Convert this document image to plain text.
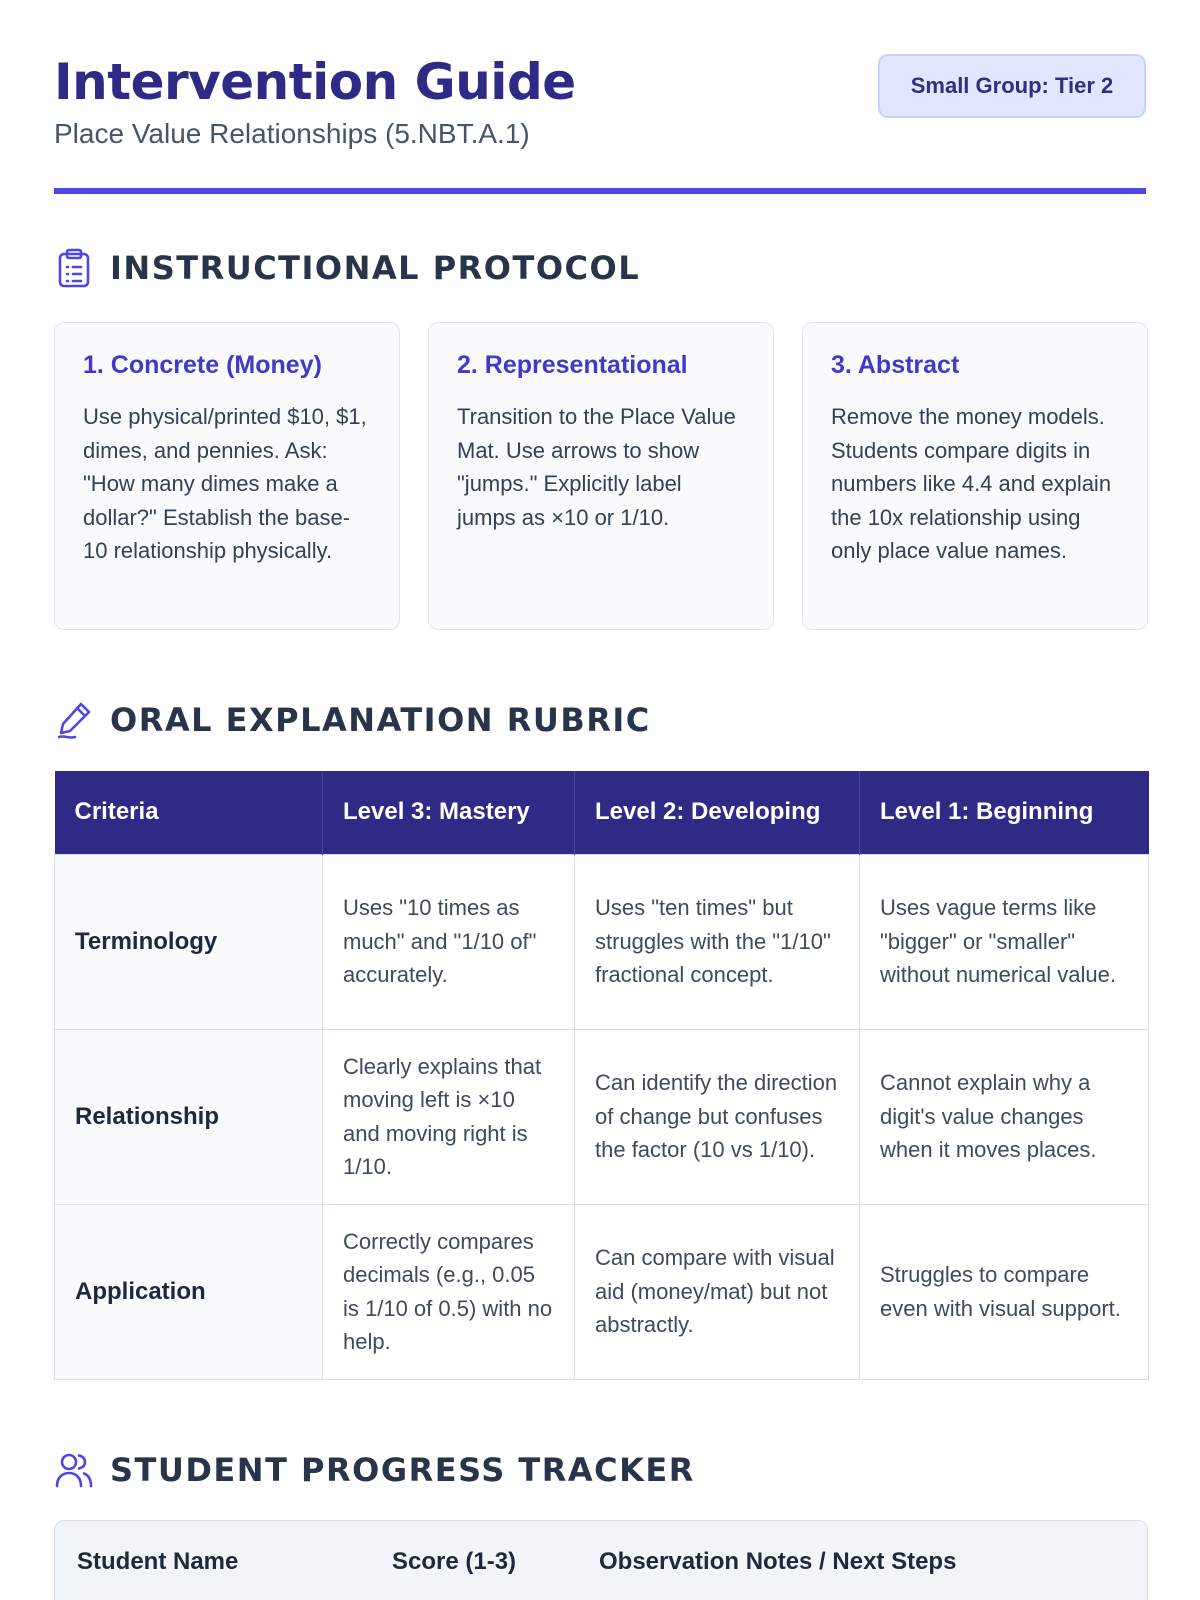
Intervention Guide
Place Value Relationships (5.NBT.A.1)
Small Group: Tier 2
INSTRUCTIONAL PROTOCOL
1. Concrete (Money)
Use physical/printed $10, $1, dimes, and pennies. Ask: "How many dimes make a dollar?" Establish the base-10 relationship physically.
2. Representational
Transition to the Place Value Mat. Use arrows to show "jumps." Explicitly label jumps as ×10 or 1/10.
3. Abstract
Remove the money models. Students compare digits in numbers like 4.4 and explain the 10x relationship using only place value names.
ORAL EXPLANATION RUBRIC
Criteria	Level 3: Mastery	Level 2: Developing	Level 1: Beginning
Terminology	Uses "10 times as much" and "1/10 of" accurately.	Uses "ten times" but struggles with the "1/10" fractional concept.	Uses vague terms like "bigger" or "smaller" without numerical value.
Relationship	Clearly explains that moving left is ×10 and moving right is 1/10.	Can identify the direction of change but confuses the factor (10 vs 1/10).	Cannot explain why a digit's value changes when it moves places.
Application	Correctly compares decimals (e.g., 0.05 is 1/10 of 0.5) with no help.	Can compare with visual aid (money/mat) but not abstractly.	Struggles to compare even with visual support.
STUDENT PROGRESS TRACKER
Student Name	Score (1-3)	Observation Notes / Next Steps
